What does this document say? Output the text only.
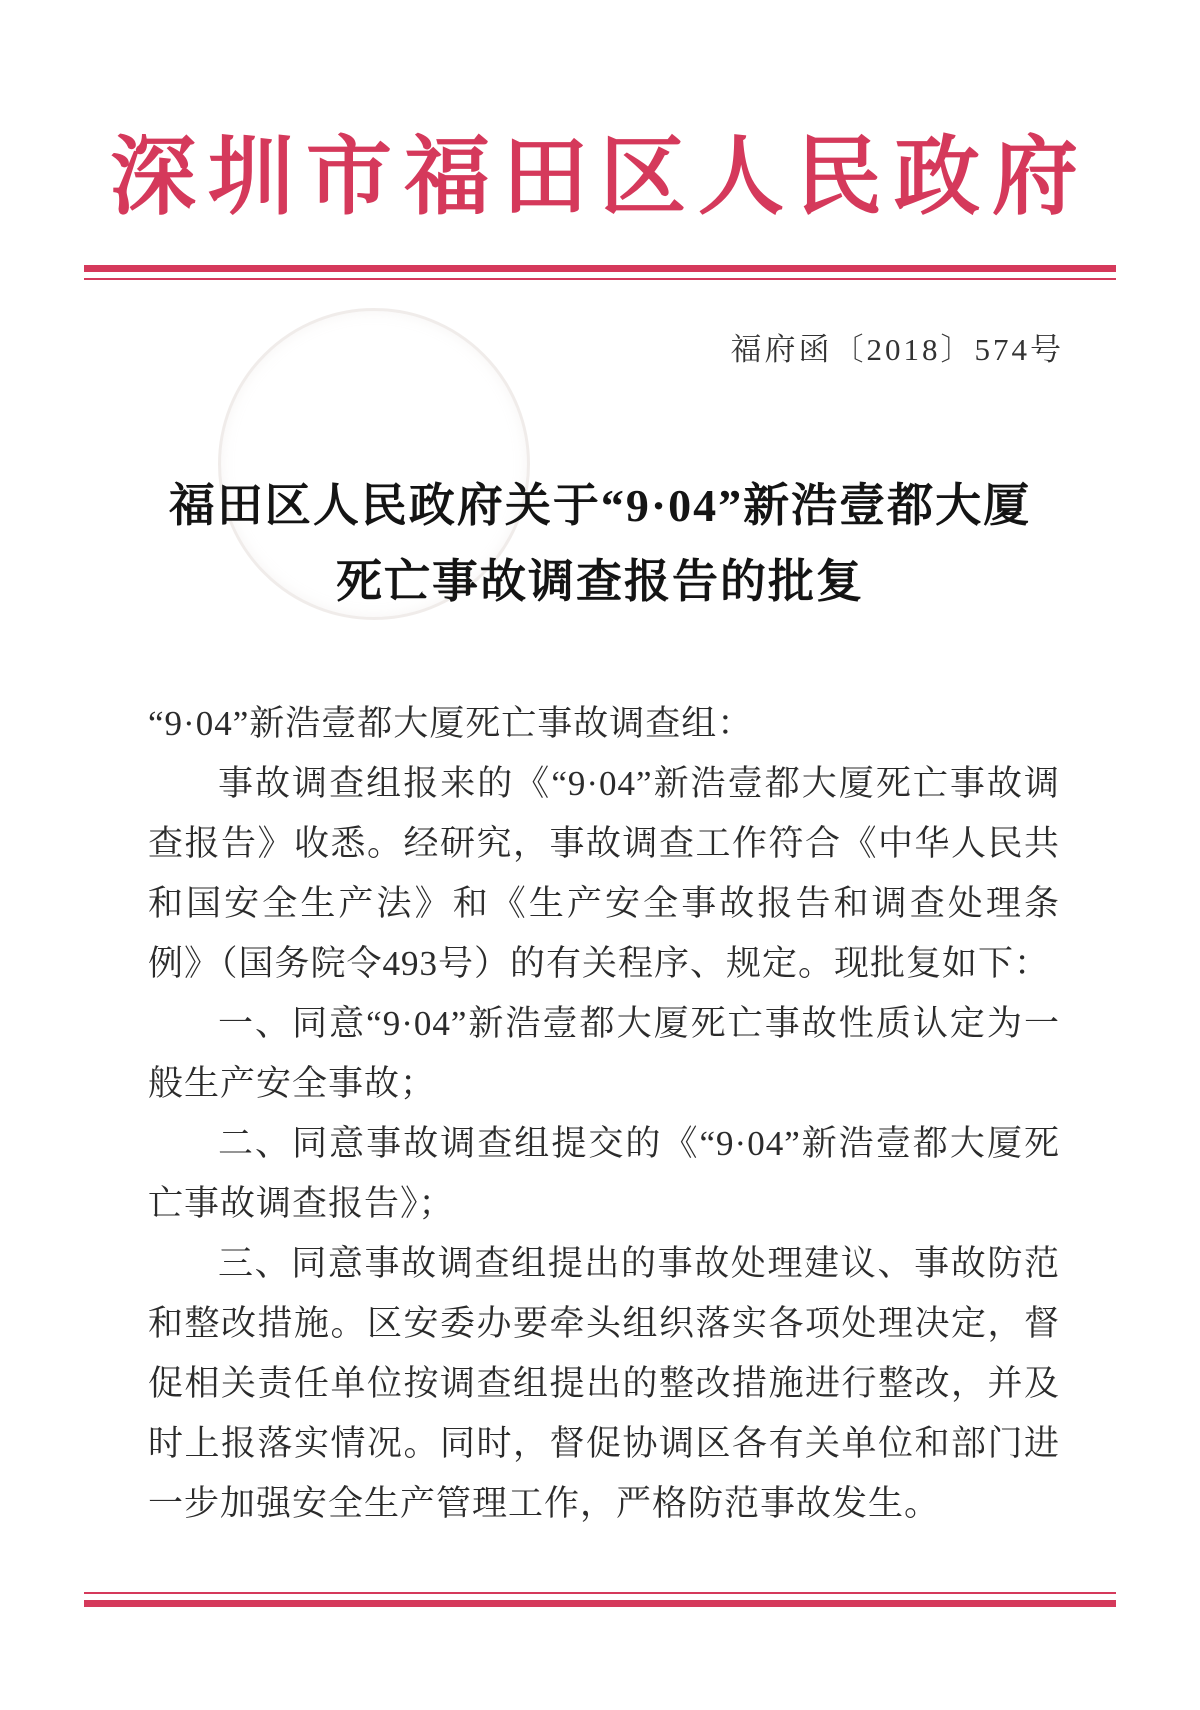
深圳市福田区人民政府
福府函〔2018〕574号
福田区人民政府关于“9·04”新浩壹都大厦
死亡事故调查报告的批复

“9·04”新浩壹都大厦死亡事故调查组：

事故调查组报来的《“9·04”新浩壹都大厦死亡事故调查报告》收悉。经研究，事故调查工作符合《中华人民共和国安全生产法》和《生产安全事故报告和调查处理条例》（国务院令493号）的有关程序、规定。现批复如下：

一、同意“9·04”新浩壹都大厦死亡事故性质认定为一般生产安全事故；

二、同意事故调查组提交的《“9·04”新浩壹都大厦死亡事故调查报告》；

三、同意事故调查组提出的事故处理建议、事故防范和整改措施。区安委办要牵头组织落实各项处理决定，督促相关责任单位按调查组提出的整改措施进行整改，并及时上报落实情况。同时，督促协调区各有关单位和部门进一步加强安全生产管理工作，严格防范事故发生。
